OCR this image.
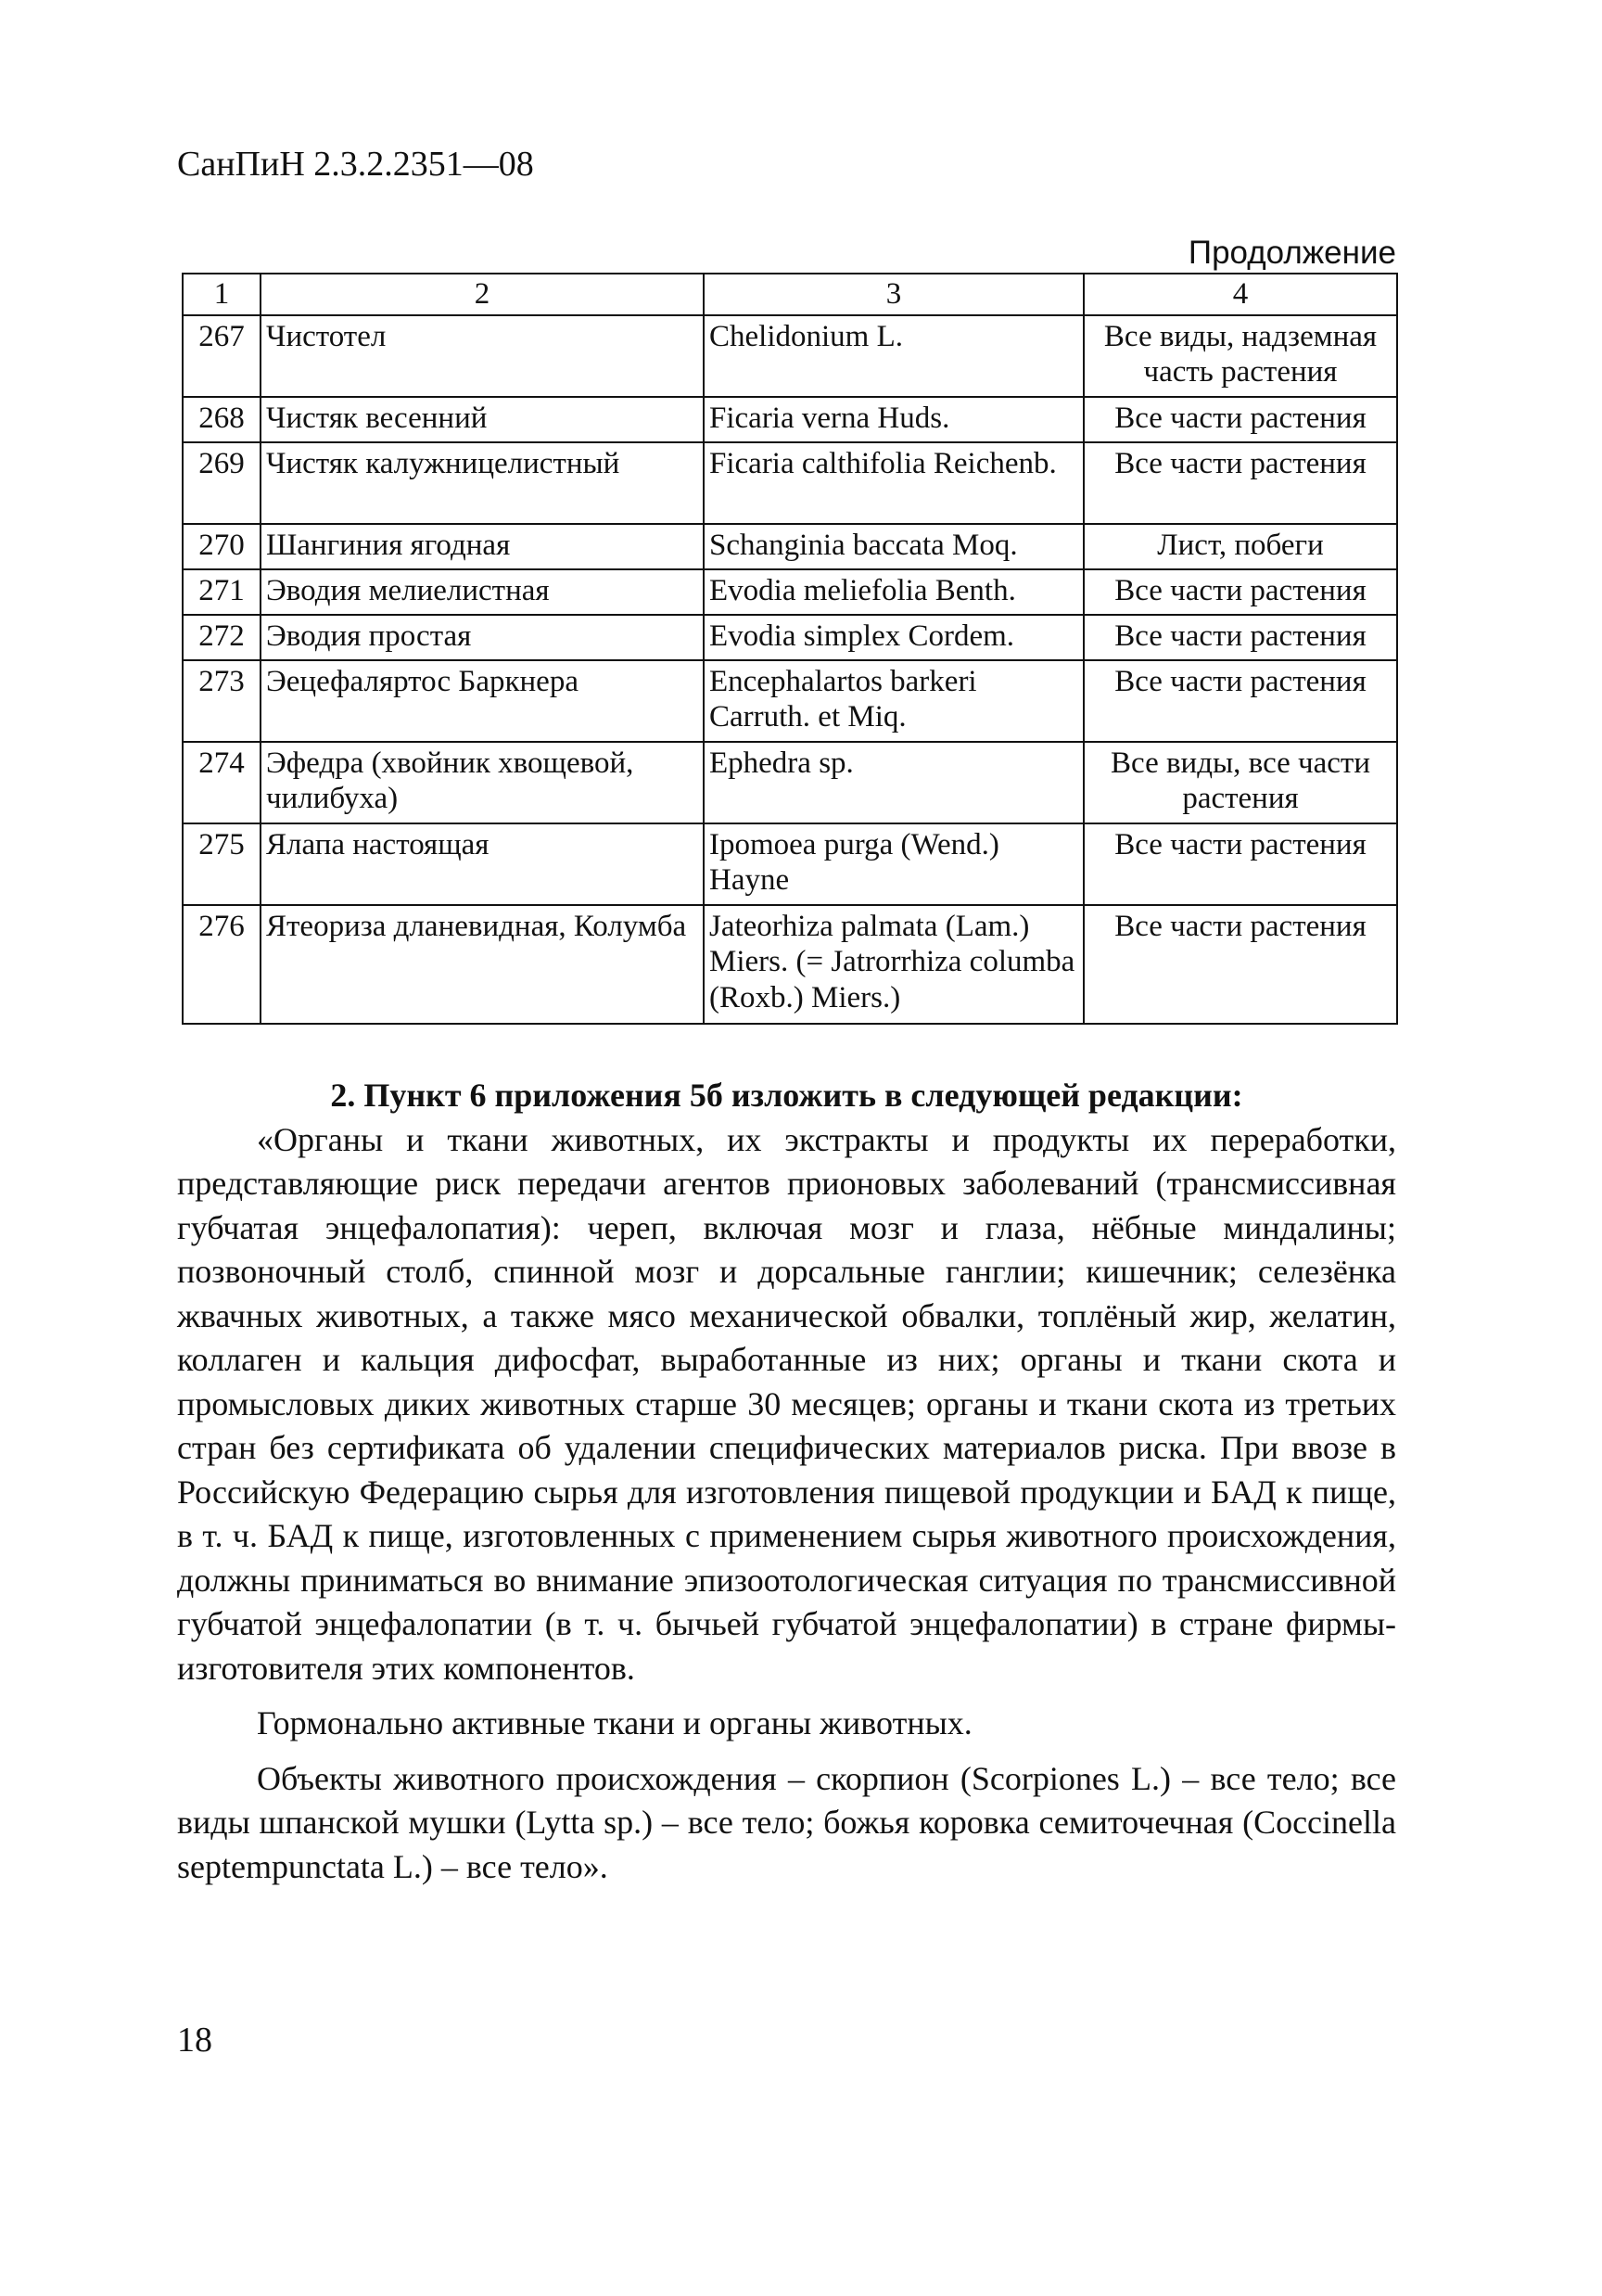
СанПиН 2.3.2.2351—08
Продолжение
1	2	3	4
267	Чистотел	Chelidonium L.	Все виды, надземная часть растения
268	Чистяк весенний	Ficaria verna Huds.	Все части растения
269	Чистяк калужницелистный	Ficaria calthifolia Reichenb.	Все части растения
270	Шангиния ягодная	Schanginia baccata Moq.	Лист, побеги
271	Эводия мелиелистная	Evodia meliefolia Benth.	Все части растения
272	Эводия простая	Evodia simplex Cordem.	Все части растения
273	Эецефаляртос Баркнера	Encephalartos barkeri Carruth. et Miq.	Все части растения
274	Эфедра (хвойник хвощевой, чилибуха)	Ephedra sp.	Все виды, все части растения
275	Ялапа настоящая	Ipomoea purga (Wend.) Hayne	Все части растения
276	Ятеориза дланевидная, Колумба	Jateorhiza palmata (Lam.) Miers. (= Jatrorrhiza columba (Roxb.) Miers.)	Все части растения

2. Пункт 6 приложения 5б изложить в следующей редакции:

«Органы и ткани животных, их экстракты и продукты их переработки, представляющие риск передачи агентов прионовых заболеваний (трансмиссивная губчатая энцефалопатия): череп, включая мозг и глаза, нёбные миндалины; позвоночный столб, спинной мозг и дорсальные ганглии; кишечник; селезёнка жвачных животных, а также мясо механической обвалки, топлёный жир, желатин, коллаген и кальция дифосфат, выработанные из них; органы и ткани скота и промысловых диких животных старше 30 месяцев; органы и ткани скота из третьих стран без сертификата об удалении специфических материалов риска. При ввозе в Российскую Федерацию сырья для изготовления пищевой продукции и БАД к пище, в т. ч. БАД к пище, изготовленных с применением сырья животного происхождения, должны приниматься во внимание эпизоотологическая ситуация по трансмиссивной губчатой энцефалопатии (в т. ч. бычьей губчатой энцефалопатии) в стране фирмы-изготовителя этих компонентов.

Гормонально активные ткани и органы животных.

Объекты животного происхождения – скорпион (Scorpiones L.) – все тело; все виды шпанской мушки (Lytta sp.) – все тело; божья коровка семиточечная (Coccinella septempunctata L.) – все тело».

18
